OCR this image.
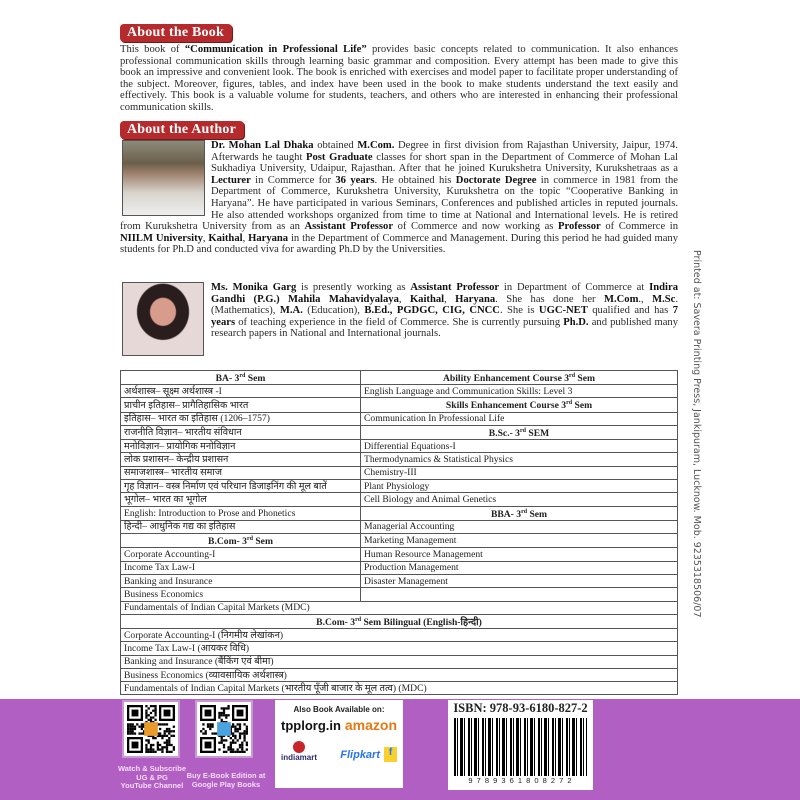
About the Book
This book of “Communication in Professional Life” provides basic concepts related to communication. It also enhances professional communication skills through learning basic grammar and composition. Every attempt has been made to give this book an impressive and convenient look. The book is enriched with exercises and model paper to facilitate proper understanding of the subject. Moreover, figures, tables, and index have been used in the book to make students understand the text easily and effectively. This book is a valuable volume for students, teachers, and others who are interested in enhancing their professional communication skills.
About the Author
Dr. Mohan Lal Dhaka obtained M.Com. Degree in first division from Rajasthan University, Jaipur, 1974. Afterwards he taught Post Graduate classes for short span in the Department of Commerce of Mohan Lal Sukhadiya University, Udaipur, Rajasthan. After that he joined Kurukshetra University, Kurukshetraas as a Lecturer in Commerce for 36 years. He obtained his Doctorate Degree in commerce in 1981 from the Department of Commerce, Kurukshetra University, Kurukshetra on the topic “Cooperative Banking in Haryana”. He have participated in various Seminars, Conferences and published articles in reputed journals. He also attended workshops organized from time to time at National and International levels. He is retired from Kurukshetra University from as an Assistant Professor of Commerce and now working as Professor of Commerce in NIILM University, Kaithal, Haryana in the Department of Commerce and Management. During this period he had guided many students for Ph.D and conducted viva for awarding Ph.D by the Universities.
Ms. Monika Garg is presently working as Assistant Professor in Department of Commerce at Indira Gandhi (P.G.) Mahila Mahavidyalaya, Kaithal, Haryana. She has done her M.Com., M.Sc. (Mathematics), M.A. (Education), B.Ed., PGDGC, CIG, CNCC. She is UGC-NET qualified and has 7 years of teaching experience in the field of Commerce. She is currently pursuing Ph.D. and published many research papers in National and International journals.
BA- 3rd Sem	Ability Enhancement Course 3rd Sem
अर्थशास्त्र– सूक्ष्म अर्थशास्त्र -I	English Language and Communication Skills: Level 3
प्राचीन इतिहास– प्रागैतिहासिक भारत	Skills Enhancement Course 3rd Sem
इतिहास– भारत का इतिहास (1206–1757)	Communication In Professional Life
राजनीति विज्ञान– भारतीय संविधान	B.Sc.- 3rd SEM
मनोविज्ञान– प्रायोगिक मनोविज्ञान	Differential Equations-I
लोक प्रशासन– केन्द्रीय प्रशासन	Thermodynamics & Statistical Physics
समाजशास्त्र– भारतीय समाज	Chemistry-III
गृह विज्ञान– वस्त्र निर्माण एवं परिधान डिजाइनिंग की मूल बातें	Plant Physiology
भूगोल– भारत का भूगोल	Cell Biology and Animal Genetics
English: Introduction to Prose and Phonetics	BBA- 3rd Sem
हिन्दी– आधुनिक गद्य का इतिहास	Managerial Accounting
B.Com- 3rd Sem	Marketing Management
Corporate Accounting-I	Human Resource Management
Income Tax Law-I	Production Management
Banking and Insurance	Disaster Management
Business Economics	
Fundamentals of Indian Capital Markets (MDC)	
B.Com- 3rd Sem Bilingual (English-हिन्दी)	
Corporate Accounting-I (निगमीय लेखांकन)	
Income Tax Law-I (आयकर विधि)	
Banking and Insurance (बैंकिंग एवं बीमा)	
Business Economics (व्यावसायिक अर्थशास्त्र)	
Fundamentals of Indian Capital Markets (भारतीय पूँजी बाजार के मूल तत्व) (MDC)	
Printed at: Savera Printing Press, Jankipuram, Lucknow. Mob. 9235318506/07
Watch & Subscribe
UG & PG
YouTube Channel
Buy E-Book Edition at
Google Play Books
Also Book Available on:
tpplorg.in amazon
indiamart Flipkart f
ISBN: 978-93-6180-827-2
9 7 8 9 3 6 1 8 0 8 2 7 2
